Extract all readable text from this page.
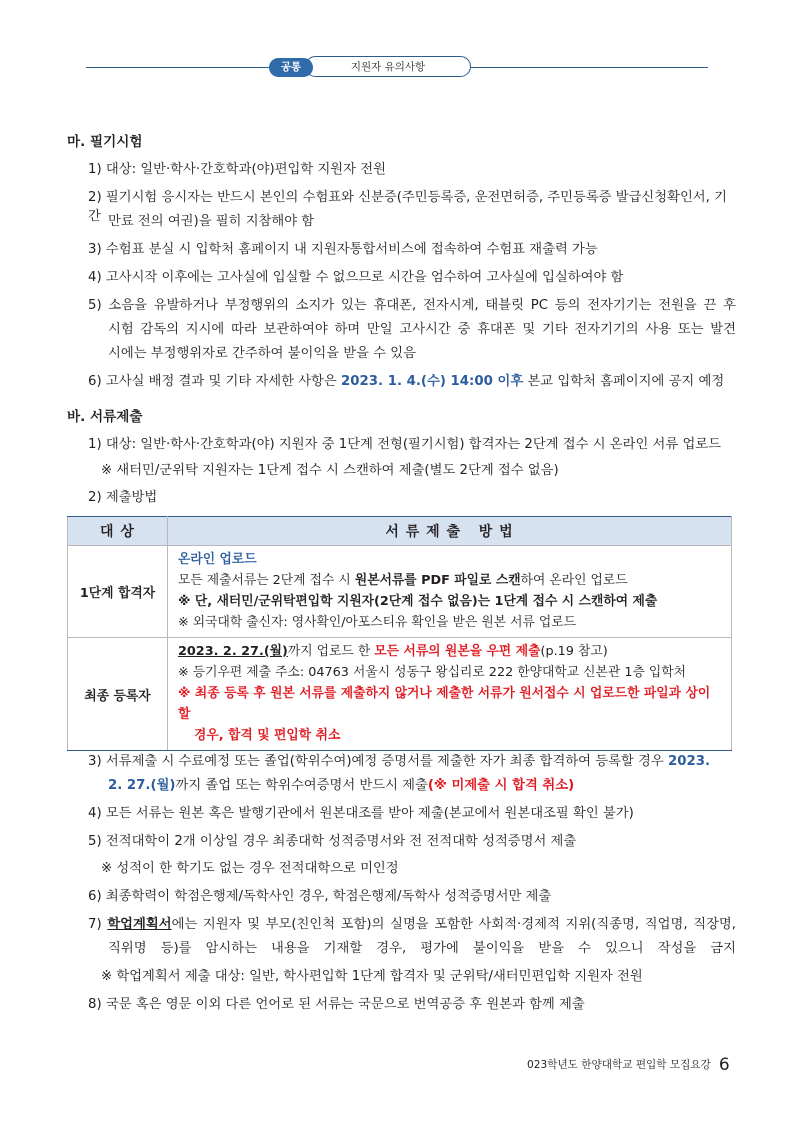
지원자 유의사항
공통
마. 필기시험
1) 대상: 일반·학사·간호학과(야)편입학 지원자 전원
2) 필기시험 응시자는 반드시 본인의 수험표와 신분증(주민등록증, 운전면허증, 주민등록증 발급신청확인서, 기간 만료 전의 여권)을 필히 지참해야 함
3) 수험표 분실 시 입학처 홈페이지 내 지원자통합서비스에 접속하여 수험표 재출력 가능
4) 고사시작 이후에는 고사실에 입실할 수 없으므로 시간을 엄수하여 고사실에 입실하여야 함
5) 소음을 유발하거나 부정행위의 소지가 있는 휴대폰, 전자시계, 태블릿 PC 등의 전자기기는 전원을 끈 후
시험 감독의 지시에 따라 보관하여야 하며 만일 고사시간 중 휴대폰 및 기타 전자기기의 사용 또는 발견
시에는 부정행위자로 간주하여 불이익을 받을 수 있음
6) 고사실 배정 결과 및 기타 자세한 사항은 2023. 1. 4.(수) 14:00 이후 본교 입학처 홈페이지에 공지 예정
바. 서류제출
1) 대상: 일반·학사·간호학과(야) 지원자 중 1단계 전형(필기시험) 합격자는 2단계 접수 시 온라인 서류 업로드
※ 새터민/군위탁 지원자는 1단계 접수 시 스캔하여 제출(별도 2단계 접수 없음)
2) 제출방법
대 상	서 류 제 출   방 법
1단계 합격자	온라인 업로드
모든 제출서류는 2단계 접수 시 원본서류를 PDF 파일로 스캔하여 온라인 업로드
※ 단, 새터민/군위탁편입학 지원자(2단계 접수 없음)는 1단계 접수 시 스캔하여 제출
※ 외국대학 출신자: 영사확인/아포스티유 확인을 받은 원본 서류 업로드

최종 등록자	2023. 2. 27.(월)까지 업로드 한 모든 서류의 원본을 우편 제출(p.19 참고)
※ 등기우편 제출 주소: 04763 서울시 성동구 왕십리로 222 한양대학교 신본관 1층 입학처
※ 최종 등록 후 원본 서류를 제출하지 않거나 제출한 서류가 원서접수 시 업로드한 파일과 상이할
경우, 합격 및 편입학 취소
3) 서류제출 시 수료예정 또는 졸업(학위수여)예정 증명서를 제출한 자가 최종 합격하여 등록할 경우 2023.
2. 27.(월)까지 졸업 또는 학위수여증명서 반드시 제출(※ 미제출 시 합격 취소)
4) 모든 서류는 원본 혹은 발행기관에서 원본대조를 받아 제출(본교에서 원본대조필 확인 불가)
5) 전적대학이 2개 이상일 경우 최종대학 성적증명서와 전 전적대학 성적증명서 제출
※ 성적이 한 학기도 없는 경우 전적대학으로 미인정
6) 최종학력이 학점은행제/독학사인 경우, 학점은행제/독학사 성적증명서만 제출
7) 학업계획서에는 지원자 및 부모(친인척 포함)의 실명을 포함한 사회적·경제적 지위(직종명, 직업명, 직장명,
직위명 등)를 암시하는 내용을 기재할 경우, 평가에 불이익을 받을 수 있으니 작성을 금지
※ 학업계획서 제출 대상: 일반, 학사편입학 1단계 합격자 및 군위탁/새터민편입학 지원자 전원
8) 국문 혹은 영문 이외 다른 언어로 된 서류는 국문으로 번역공증 후 원본과 함께 제출
023학년도 한양대학교 편입학 모집요강 6
